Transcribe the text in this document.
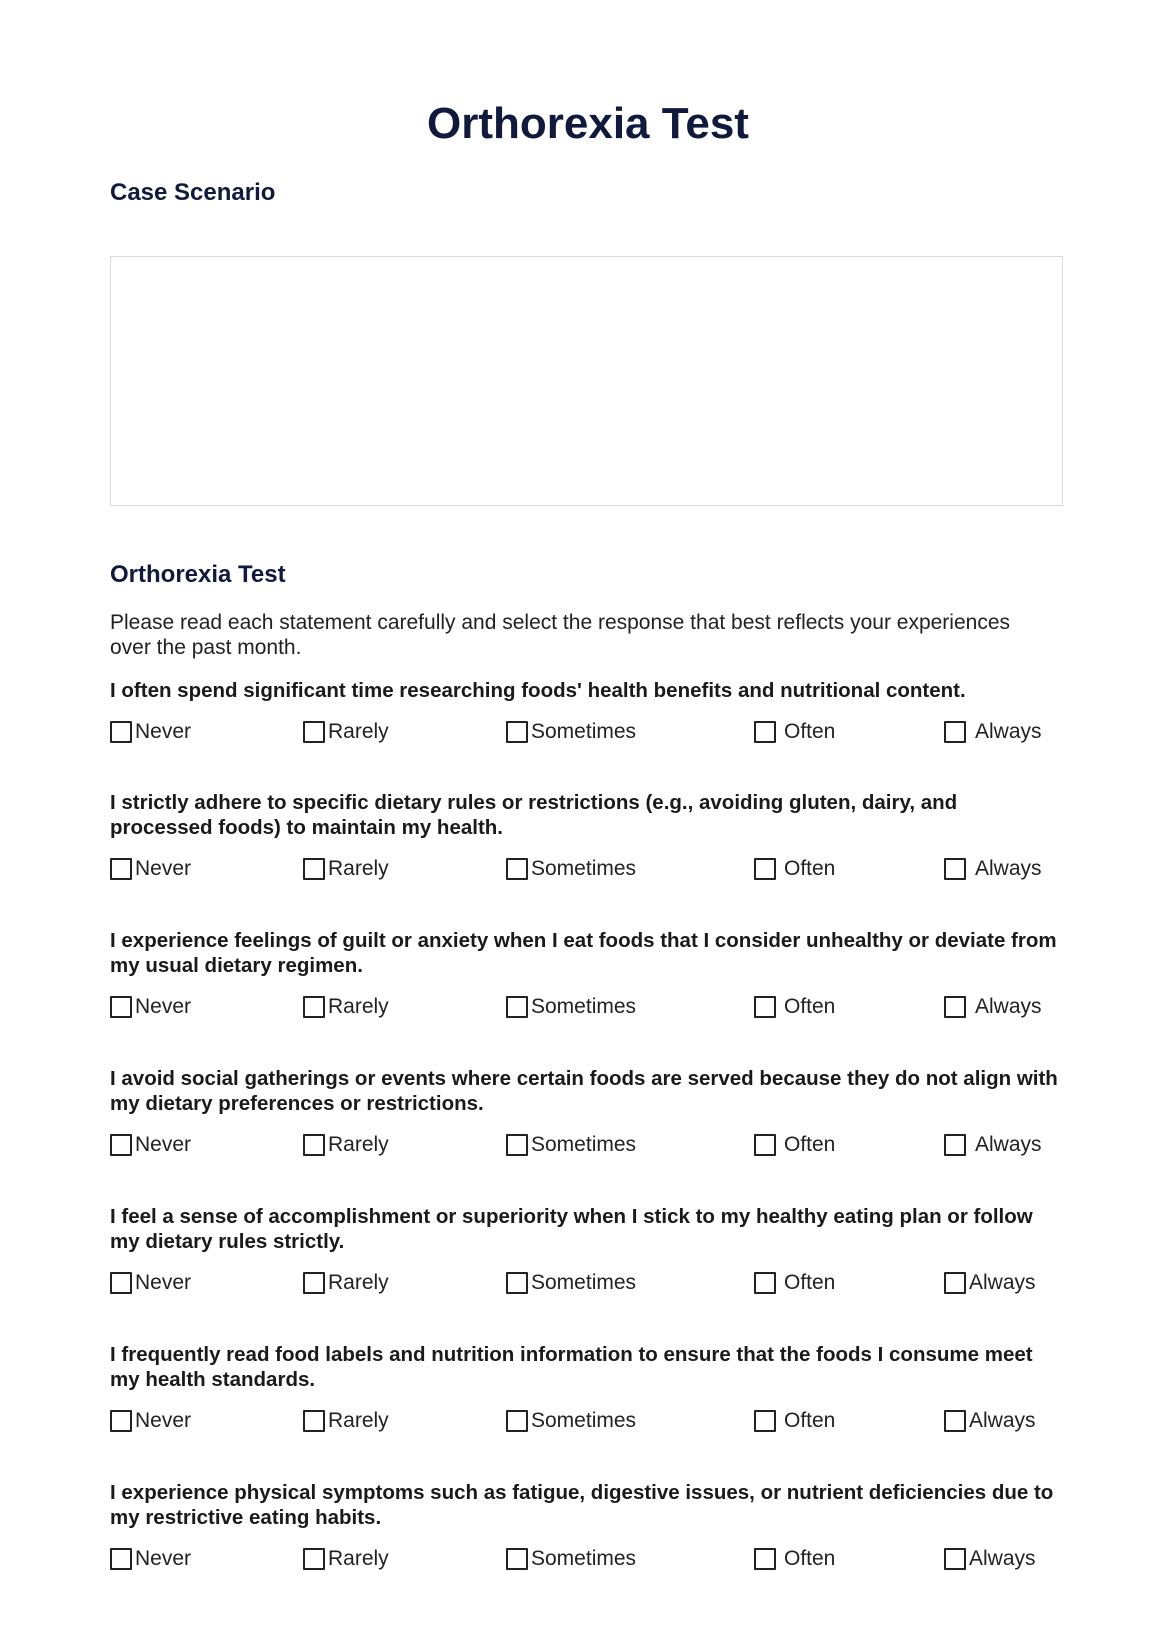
Orthorexia Test
Case Scenario
Orthorexia Test

Please read each statement carefully and select the response that best reflects your experiences over the past month.

I often spend significant time researching foods' health benefits and nutritional content.

Never	Rarely	Sometimes	Often	Always

I strictly adhere to specific dietary rules or restrictions (e.g., avoiding gluten, dairy, and processed foods) to maintain my health.

Never	Rarely	Sometimes	Often	Always

I experience feelings of guilt or anxiety when I eat foods that I consider unhealthy or deviate from my usual dietary regimen.

Never	Rarely	Sometimes	Often	Always

I avoid social gatherings or events where certain foods are served because they do not align with my dietary preferences or restrictions.

Never	Rarely	Sometimes	Often	Always

I feel a sense of accomplishment or superiority when I stick to my healthy eating plan or follow my dietary rules strictly.

Never	Rarely	Sometimes	Often	Always

I frequently read food labels and nutrition information to ensure that the foods I consume meet my health standards.

Never	Rarely	Sometimes	Often	Always

I experience physical symptoms such as fatigue, digestive issues, or nutrient deficiencies due to my restrictive eating habits.

Never	Rarely	Sometimes	Often	Always
